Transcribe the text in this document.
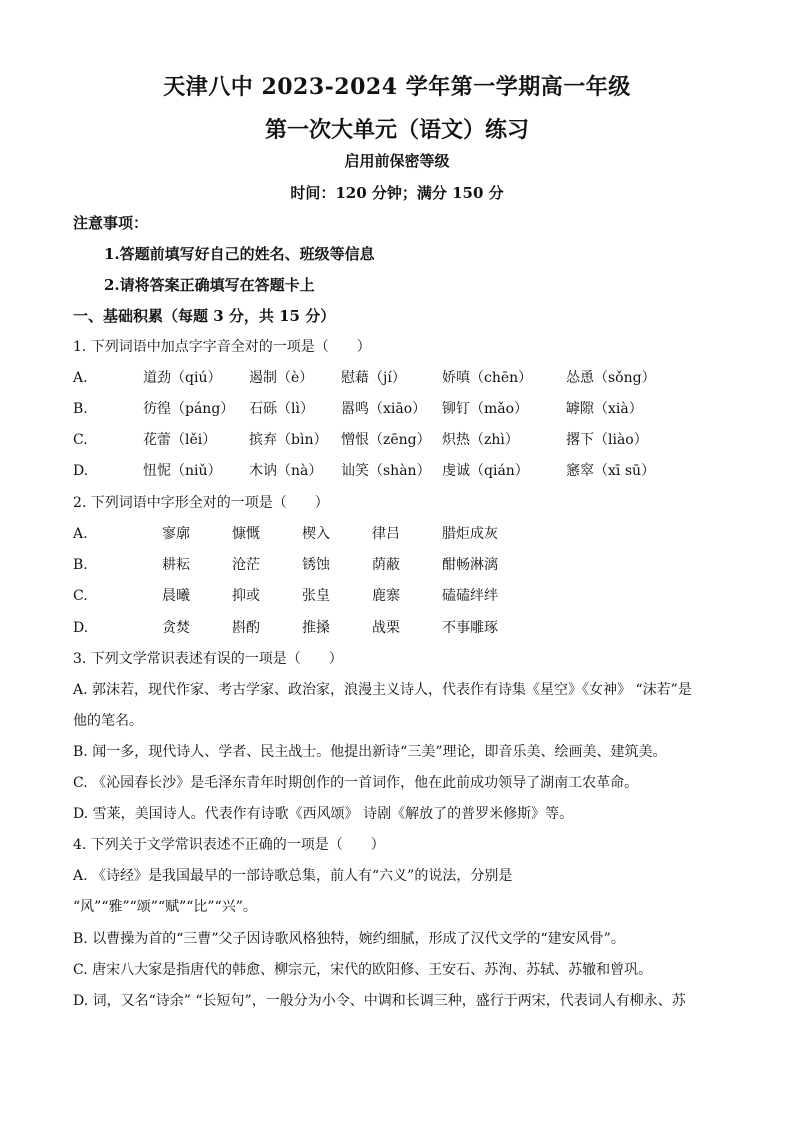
天津八中 2023-2024 学年第一学期高一年级
第一次大单元（语文）练习
启用前保密等级
时间：120 分钟；满分 150 分
注意事项：
1.答题前填写好自己的姓名、班级等信息
2.请将答案正确填写在答题卡上
一、基础积累（每题 3 分，共 15 分）
1. 下列词语中加点字字音全对的一项是（　　）
A.	道劲（qiú） 遏制（è） 慰藉（jí）	娇嗔（chēn） 怂恿（sǒng）
B.	彷徨（páng） 石砾（lì） 嚣鸣（xiāo） 铆钉（mǎo）	罅隙（xià）
C.	花蕾（lěi） 摈弃（bìn） 憎恨（zēng） 炽热（zhì）	撂下（liào）
D.	忸怩（niǔ） 木讷（nà） 讪笑（shàn） 虔诚（qián）	窸窣（xī sū）
2. 下列词语中字形全对的一项是（　　）
A.	寥廓	慷慨	楔入	律吕	腊炬成灰
B.	耕耘	沧茫	锈蚀	荫蔽	酣畅淋漓
C.	晨曦	抑或	张皇	鹿寨	磕磕绊绊
D.	贪焚	斟酌	推搡	战栗	不事雕琢
3. 下列文学常识表述有误的一项是（　　）
A. 郭沫若，现代作家、考古学家、政治家，浪漫主义诗人，代表作有诗集《星空》《女神》 “沫若”是
他的笔名。
B. 闻一多，现代诗人、学者、民主战士。他提出新诗“三美”理论，即音乐美、绘画美、建筑美。
C. 《沁园春长沙》是毛泽东青年时期创作的一首词作，他在此前成功领导了湖南工农革命。
D. 雪莱，美国诗人。代表作有诗歌《西风颂》 诗剧《解放了的普罗米修斯》等。
4. 下列关于文学常识表述不正确的一项是（　　）
A. 《诗经》是我国最早的一部诗歌总集，前人有“六义”的说法，分别是
“风”“雅”“颂”“赋”“比”“兴”。
B. 以曹操为首的“三曹”父子因诗歌风格独特，婉约细腻，形成了汉代文学的“建安风骨”。
C. 唐宋八大家是指唐代的韩愈、柳宗元，宋代的欧阳修、王安石、苏洵、苏轼、苏辙和曾巩。
D. 词，又名“诗余” “长短句”，一般分为小令、中调和长调三种，盛行于两宋，代表词人有柳永、苏
